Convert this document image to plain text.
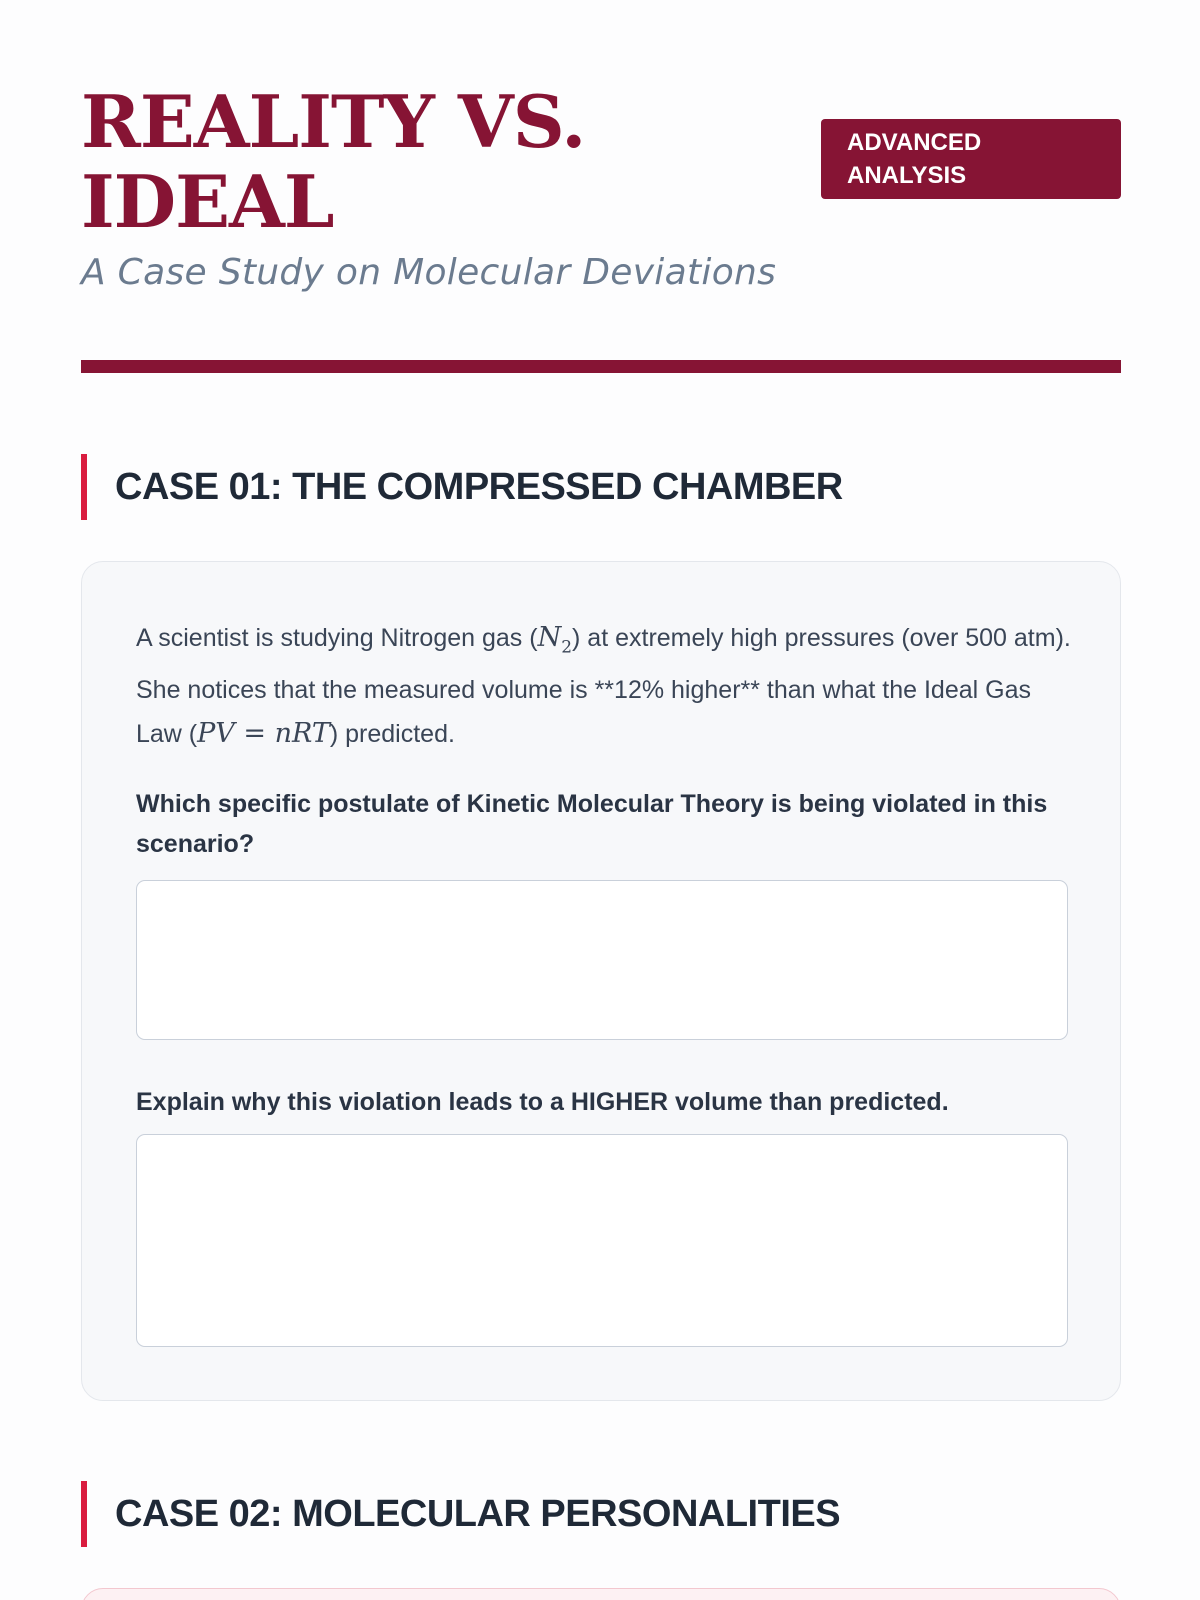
REALITY VS.
IDEAL
A Case Study on Molecular Deviations
ADVANCED
ANALYSIS
CASE 01: THE COMPRESSED CHAMBER

A scientist is studying Nitrogen gas $(N_2)$ at extremely high pressures (over 500 atm). She notices that the measured volume is **12% higher** than what the Ideal Gas Law (PV = nRT) predicted.

Which specific postulate of Kinetic Molecular Theory is being violated in this scenario?
Explain why this violation leads to a HIGHER volume than predicted.
CASE 02: MOLECULAR PERSONALITIES
